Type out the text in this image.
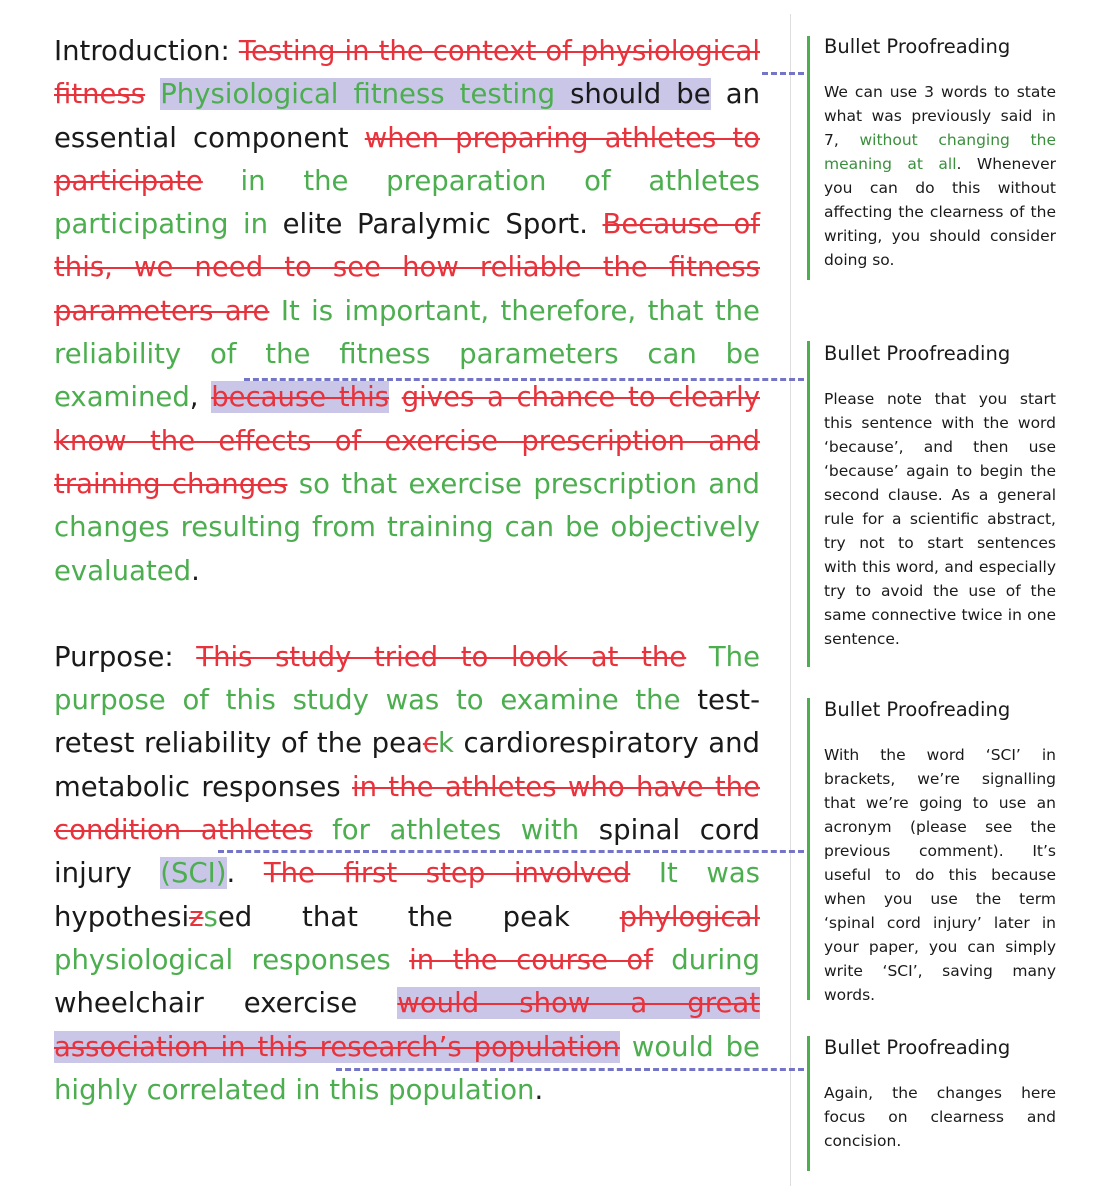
Introduction: Testing in the context of physiological fitness Physiological fitness testing should be an essential component when preparing athletes to participate in the preparation of athletes participating in elite Paralymic Sport. Because of this, we need to see how reliable the fitness parameters are It is important, therefore, that the reliability of the fitness parameters can be examined, because this gives a chance to clearly know the effects of exercise prescription and training changes so that exercise prescription and changes resulting from training can be objectively evaluated.

Purpose: This study tried to look at the The purpose of this study was to examine the test-retest reliability of the peack cardiorespiratory and metabolic responses in the athletes who have the condition athletes for athletes with spinal cord injury (SCI). The first step involved It was hypothesizsed that the peak phylogical physiological responses in the course of during wheelchair exercise would show a great association in this research’s population would be highly correlated in this population.

Bullet Proofreading
We can use 3 words to state what was previously said in 7, without changing the meaning at all. Whenever you can do this without affecting the clearness of the writing, you should consider doing so.
Bullet Proofreading
Please note that you start this sentence with the word ‘because’, and then use ‘because’ again to begin the second clause. As a general rule for a scientific abstract, try not to start sentences with this word, and especially try to avoid the use of the same connective twice in one sentence.
Bullet Proofreading
With the word ‘SCI’ in brackets, we’re signalling that we’re going to use an acronym (please see the previous comment). It’s useful to do this because when you use the term ‘spinal cord injury’ later in your paper, you can simply write ‘SCI’, saving many words.
Bullet Proofreading
Again, the changes here focus on clearness and concision.
